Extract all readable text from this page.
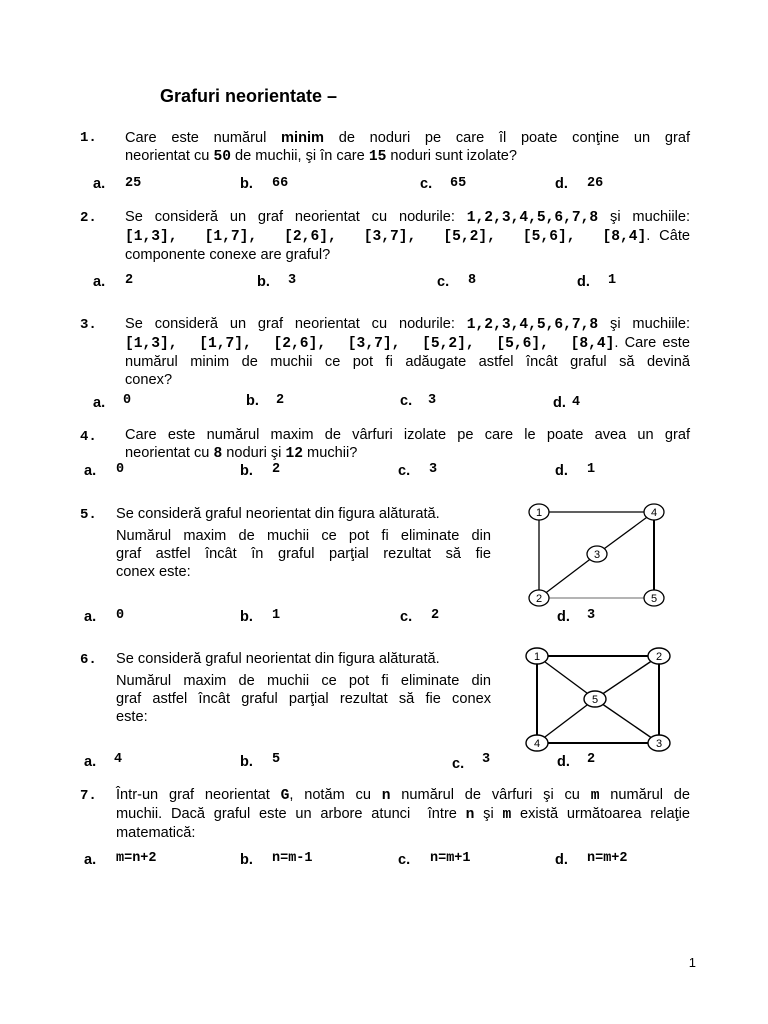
Grafuri neorientate –
1. Care este numărul minim de noduri pe care îl poate conţine un graf
neorientat cu 50 de muchii, şi în care 15 noduri sunt izolate?
a. 25	b. 66	c. 65	d. 26
2. Se consideră un graf neorientat cu nodurile: 1,2,3,4,5,6,7,8 şi muchiile:
[1,3],  [1,7],  [2,6],  [3,7],  [5,2],  [5,6],  [8,4]. Câte
componente conexe are graful?
a. 2	b. 3	c. 8	d. 1
3. Se consideră un graf neorientat cu nodurile: 1,2,3,4,5,6,7,8 şi muchiile:
[1,3],  [1,7],  [2,6],  [3,7],  [5,2],  [5,6],  [8,4]. Care este
numărul minim de muchii ce pot fi adăugate astfel încât graful să devină
conex?
a. 0	b. 2	c. 3	d. 4
4. Care este numărul maxim de vârfuri izolate pe care le poate avea un graf
neorientat cu 8 noduri şi 12 muchii?
a. 0	b. 2	c. 3	d. 1
5. Se consideră graful neorientat din figura alăturată.
Numărul maxim de muchii ce pot fi eliminate din
graf astfel încât în graful parţial rezultat să fie
conex este:
1	4
3
2	5
a. 0	b. 1	c. 2	d. 3
6. Se consideră graful neorientat din figura alăturată.
Numărul maxim de muchii ce pot fi eliminate din
graf astfel încât graful parţial rezultat să fie conex
este:
1	2
5
4	3
a. 4	b. 5	c. 3	d. 2
7. Într-un graf neorientat G, notăm cu n numărul de vârfuri şi cu m numărul de
muchii. Dacă graful este un arbore atunci  între n şi m există următoarea relaţie
matematică:
a. m=n+2	b. n=m-1	c. n=m+1	d. n=m+2
1
